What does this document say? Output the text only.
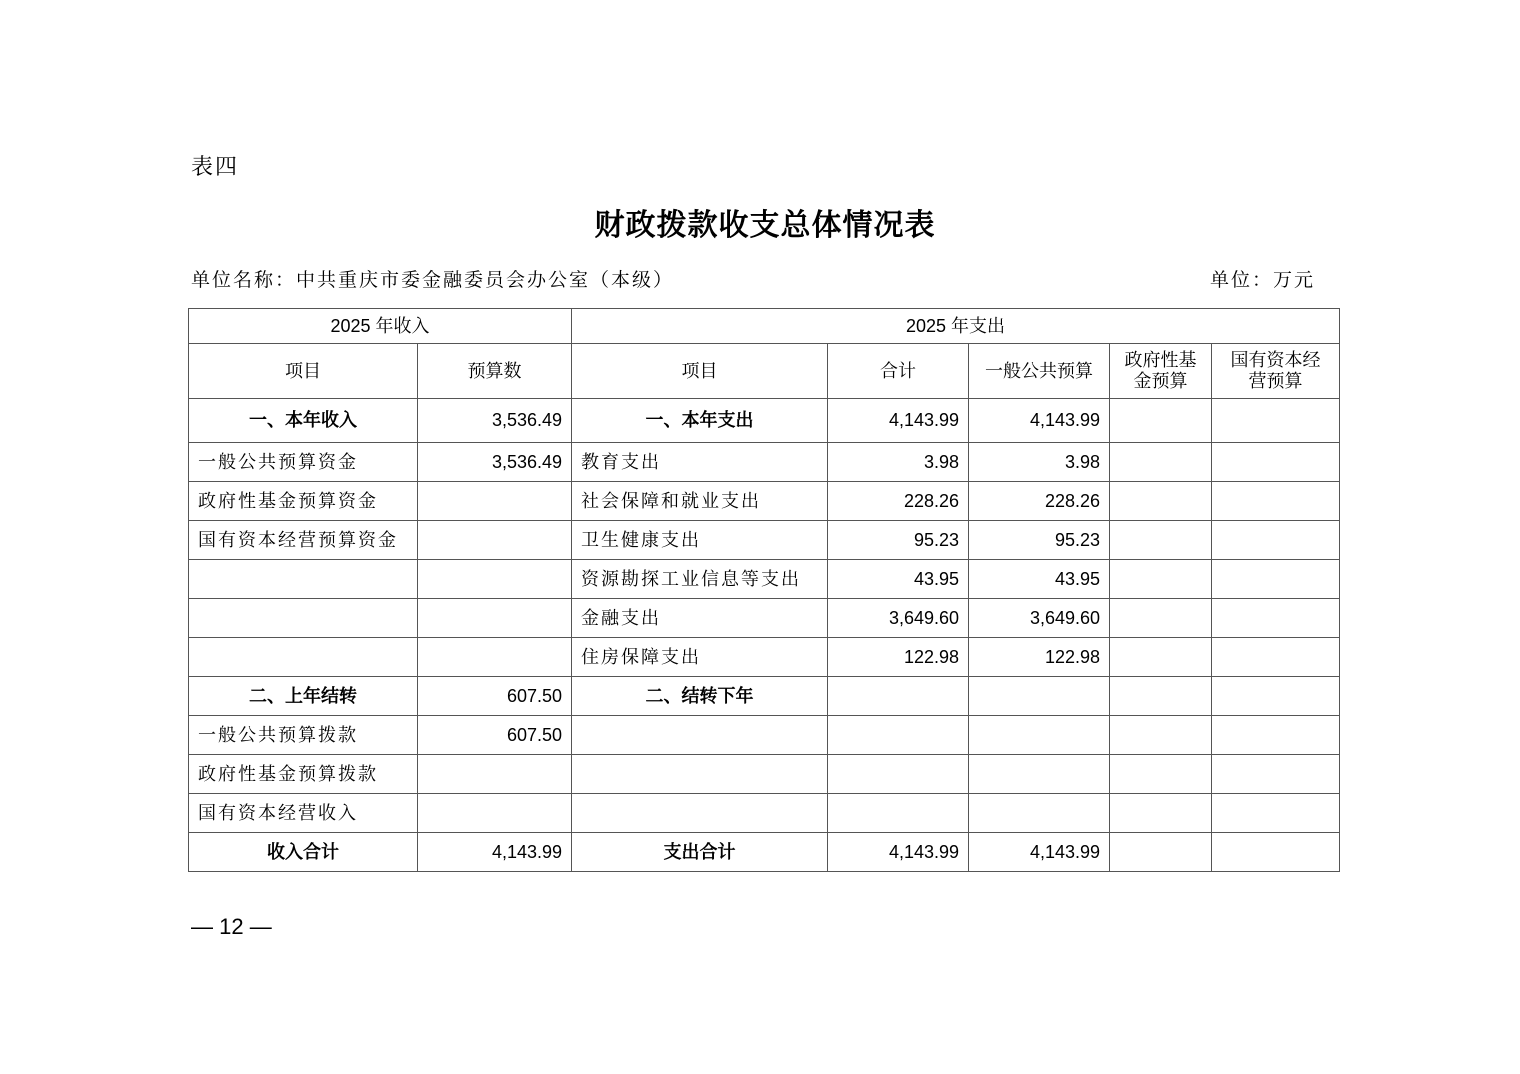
表四
财政拨款收支总体情况表
单位名称：中共重庆市委金融委员会办公室（本级）	单位：万元
2025 年收入		2025 年支出				
项目	预算数	项目	合计	一般公共预算	政府性基金预算	国有资本经营预算
一、本年收入	3,536.49	一、本年支出	4,143.99	4,143.99		
一般公共预算资金	3,536.49	教育支出	3.98	3.98		
政府性基金预算资金		社会保障和就业支出	228.26	228.26		
国有资本经营预算资金		卫生健康支出	95.23	95.23		
		资源勘探工业信息等支出	43.95	43.95		
		金融支出	3,649.60	3,649.60		
		住房保障支出	122.98	122.98		
二、上年结转	607.50	二、结转下年				
一般公共预算拨款	607.50					
政府性基金预算拨款						
国有资本经营收入						
收入合计	4,143.99	支出合计	4,143.99	4,143.99		
— 12 —
